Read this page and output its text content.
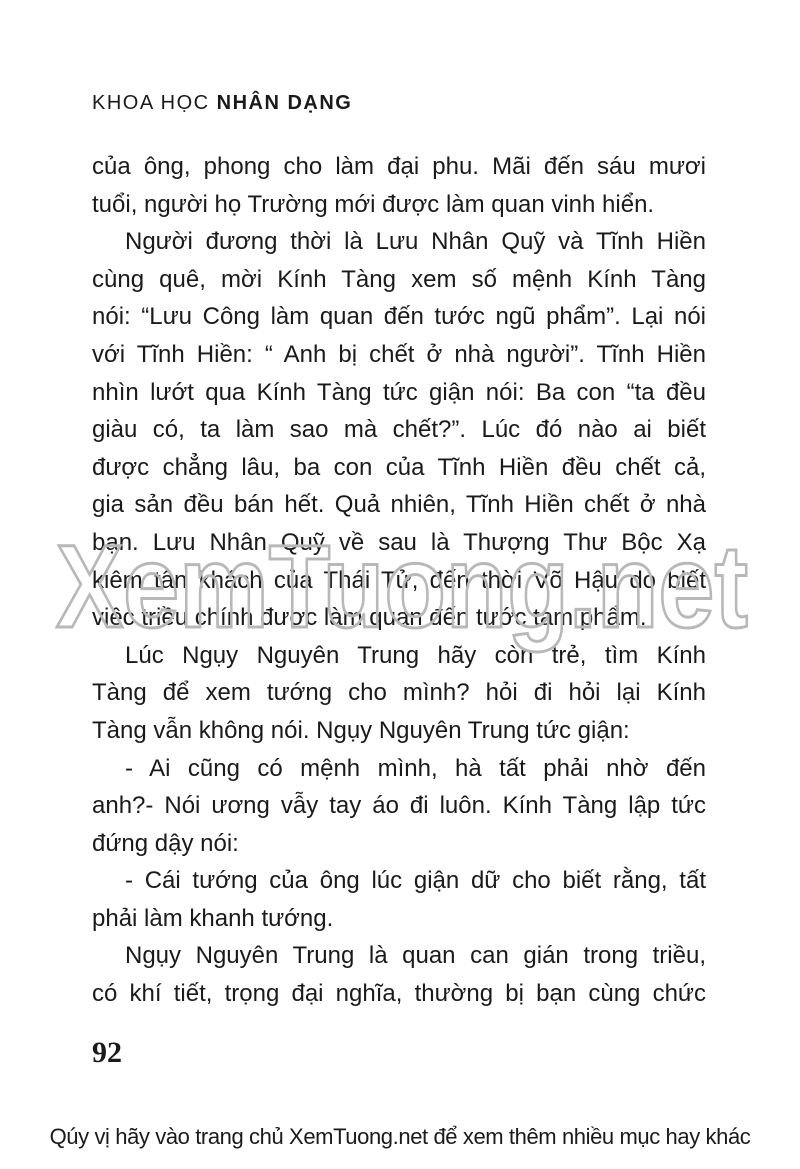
KHOA HỌC NHÂN DẠNG
của ông, phong cho làm đại phu. Mãi đến sáu mươi
tuổi, người họ Trường mới được làm quan vinh hiển.
Người đương thời là Lưu Nhân Quỹ và Tĩnh Hiền
cùng quê, mời Kính Tàng xem số mệnh Kính Tàng
nói: “Lưu Công làm quan đến tước ngũ phẩm”. Lại nói
với Tĩnh Hiền: “ Anh bị chết ở nhà người”. Tĩnh Hiền
nhìn lướt qua Kính Tàng tức giận nói: Ba con “ta đều
giàu có, ta làm sao mà chết?”. Lúc đó nào ai biết
được chẳng lâu, ba con của Tĩnh Hiền đều chết cả,
gia sản đều bán hết. Quả nhiên, Tĩnh Hiền chết ở nhà
bạn. Lưu Nhân Quỹ về sau là Thượng Thư Bộc Xạ
kiêm tân khách của Thái Tử, đến thời Võ Hậu do biết
việc triều chính được làm quan đến tước tam phẩm.
Lúc Ngụy Nguyên Trung hãy còn trẻ, tìm Kính
Tàng để xem tướng cho mình? hỏi đi hỏi lại Kính
Tàng vẫn không nói. Ngụy Nguyên Trung tức giận:
- Ai cũng có mệnh mình, hà tất phải nhờ đến
anh?- Nói ương vẫy tay áo đi luôn. Kính Tàng lập tức
đứng dậy nói:
- Cái tướng của ông lúc giận dữ cho biết rằng, tất
phải làm khanh tướng.
Ngụy Nguyên Trung là quan can gián trong triều,
có khí tiết, trọng đại nghĩa, thường bị bạn cùng chức
XemTuong.net
92
Qúy vị hãy vào trang chủ XemTuong.net để xem thêm nhiều mục hay khác
